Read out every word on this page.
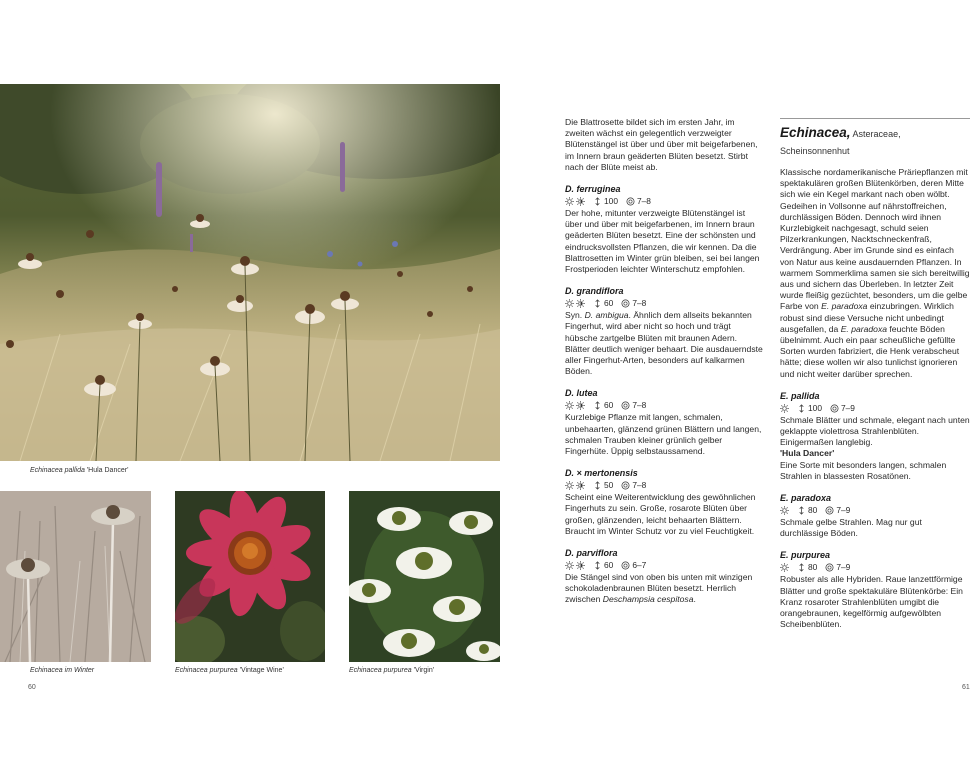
Echinacea pallida 'Hula Dancer'
Echinacea im Winter	Echinacea purpurea 'Vintage Wine'	Echinacea purpurea 'Virgin'
60

Die Blattrosette bildet sich im ersten Jahr, im zweiten wächst ein gelegentlich verzweigter Blütenstängel ist über und über mit beigefarbenen, im Innern braun geäderten Blüten besetzt. Stirbt nach der Blüte meist ab.

D. ferruginea
100 7–8

Der hohe, mitunter verzweigte Blütenstängel ist über und über mit beigefarbenen, im Innern braun geäderten Blüten besetzt. Eine der schönsten und eindrucksvollsten Pflanzen, die wir kennen. Da die Blattrosetten im Winter grün bleiben, sei bei langen Frostperioden leichter Winterschutz empfohlen.

D. grandiflora
60 7–8

Syn. D. ambigua. Ähnlich dem allseits bekannten Fingerhut, wird aber nicht so hoch und trägt hübsche zartgelbe Blüten mit braunen Adern. Blätter deutlich weniger behaart. Die ausdauerndste aller Fingerhut-Arten, besonders auf kalkarmen Böden.

D. lutea
60 7–8

Kurzlebige Pflanze mit langen, schmalen, unbehaarten, glänzend grünen Blättern und langen, schmalen Trauben kleiner grünlich gelber Fingerhüte. Üppig selbstaussamend.

D. × mertonensis
50 7–8

Scheint eine Weiterentwicklung des gewöhnlichen Fingerhuts zu sein. Große, rosarote Blüten über großen, glänzenden, leicht behaarten Blättern. Braucht im Winter Schutz vor zu viel Feuchtigkeit.

D. parviflora
60 6–7

Die Stängel sind von oben bis unten mit winzigen schokoladenbraunen Blüten besetzt. Herrlich zwischen Deschampsia cespitosa.

Echinacea, Asteraceae, Scheinsonnenhut

Klassische nordamerikanische Präriepflanzen mit spektakulären großen Blütenkörben, deren Mitte sich wie ein Kegel markant nach oben wölbt. Gedeihen in Vollsonne auf nährstoffreichen, durchlässigen Böden. Dennoch wird ihnen Kurzlebigkeit nachgesagt, schuld seien Pilzerkrankungen, Nacktschneckenfraß, Verdrängung. Aber im Grunde sind es einfach von Natur aus keine ausdauernden Pflanzen. In warmem Sommerklima samen sie sich bereitwillig aus und sichern das Überleben. In letzter Zeit wurde fleißig gezüchtet, besonders, um die gelbe Farbe von E. paradoxa einzubringen. Wirklich robust sind diese Versuche nicht unbedingt ausgefallen, da E. paradoxa feuchte Böden übelnimmt. Auch ein paar scheußliche gefüllte Sorten wurden fabriziert, die Henk verabscheut hätte; diese wollen wir also tunlichst ignorieren und nicht weiter darüber sprechen.

E. pallida
100 7–9

Schmale Blätter und schmale, elegant nach unten geklappte violettrosa Strahlenblüten. Einigermaßen langlebig.

'Hula Dancer'

Eine Sorte mit besonders langen, schmalen Strahlen in blassesten Rosatönen.

E. paradoxa
80 7–9

Schmale gelbe Strahlen. Mag nur gut durchlässige Böden.

E. purpurea
80 7–9

Robuster als alle Hybriden. Raue lanzettförmige Blätter und große spektakuläre Blütenkörbe: Ein Kranz rosaroter Strahlenblüten umgibt die orangebraunen, kegelförmig aufgewölbten Scheibenblüten.

61
